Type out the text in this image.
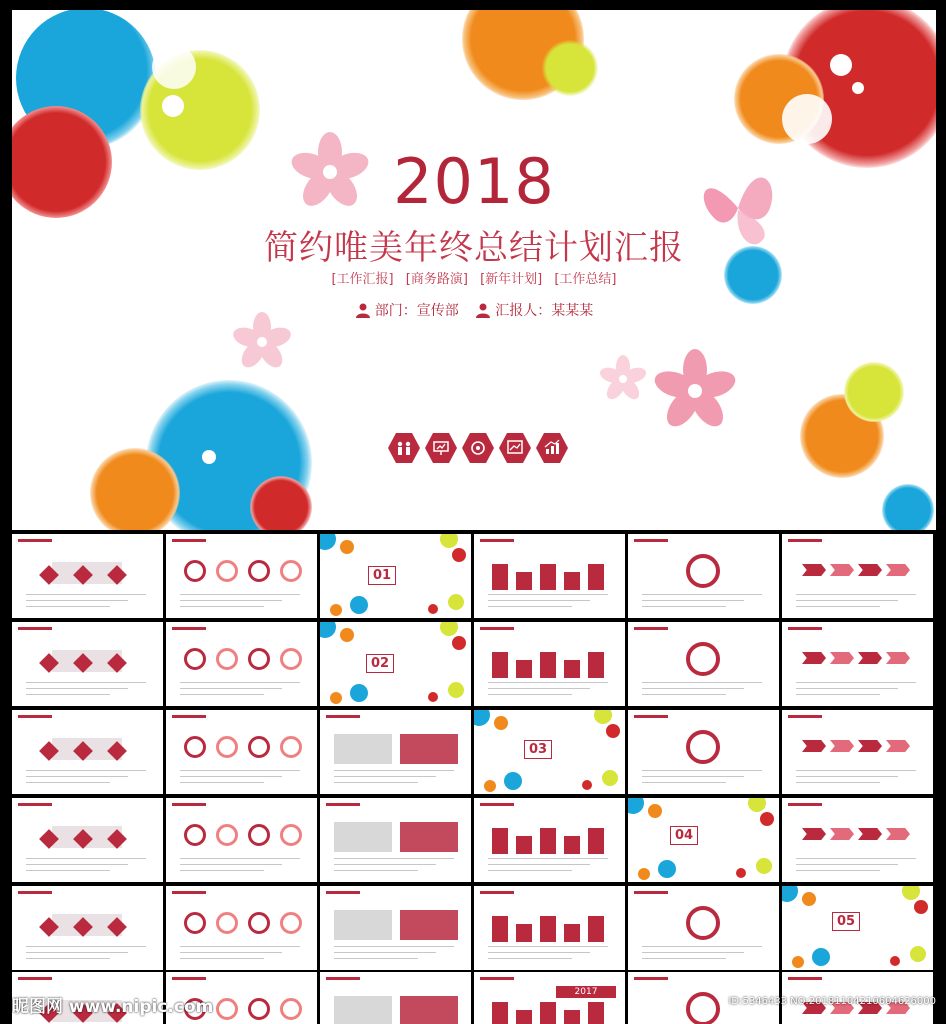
2018
简约唯美年终总结计划汇报
[工作汇报] [商务路演] [新年计划] [工作总结]
部门：宣传部	汇报人：某某某
01
02
03
04
05
2017
昵图网 www.nipic.com	ID:5346433 NO:20181104210604626000
